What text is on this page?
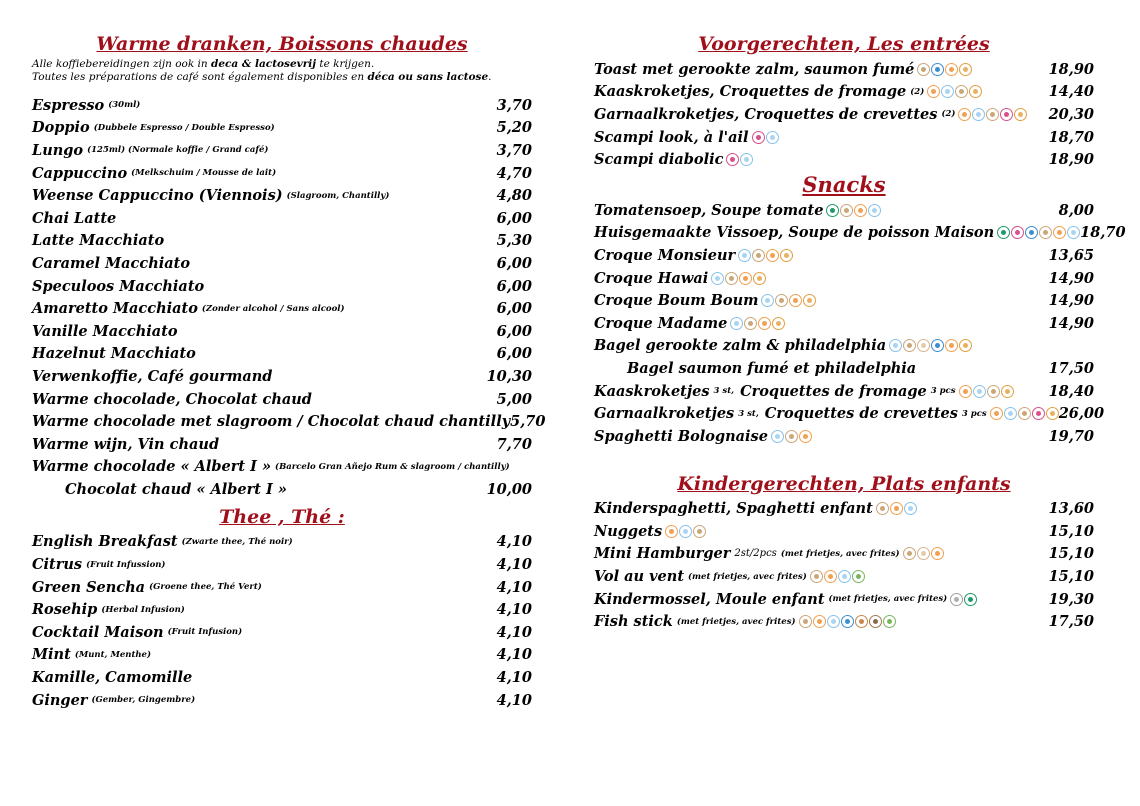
Warme dranken, Boissons chaudes
Alle koffiebereidingen zijn ook in deca & lactosevrij te krijgen.
Toutes les préparations de café sont également disponibles en déca ou sans lactose.
Espresso (30ml)	3,70
Doppio (Dubbele Espresso / Double Espresso)	5,20
Lungo (125ml) (Normale koffie / Grand café)	3,70
Cappuccino (Melkschuim / Mousse de lait)	4,70
Weense Cappuccino (Viennois) (Slagroom, Chantilly)	4,80
Chai Latte	6,00
Latte Macchiato	5,30
Caramel Macchiato	6,00
Speculoos Macchiato	6,00
Amaretto Macchiato (Zonder alcohol / Sans alcool)	6,00
Vanille Macchiato	6,00
Hazelnut Macchiato	6,00
Verwenkoffie, Café gourmand	10,30
Warme chocolade, Chocolat chaud	5,00
Warme chocolade met slagroom / Chocolat chaud chantilly 5,70
Warme wijn, Vin chaud	7,70
Warme chocolade « Albert I » (Barcelo Gran Añejo Rum & slagroom / chantilly)
Chocolat chaud « Albert I »	10,00
Thee , Thé :
English Breakfast (Zwarte thee, Thé noir)	4,10
Citrus (Fruit Infussion)	4,10
Green Sencha (Groene thee, Thé Vert)	4,10
Rosehip (Herbal Infusion)	4,10
Cocktail Maison (Fruit Infusion)	4,10
Mint (Munt, Menthe)	4,10
Kamille, Camomille	4,10
Ginger (Gember, Gingembre)	4,10
Voorgerechten, Les entrées
Toast met gerookte zalm, saumon fumé	18,90
Kaaskroketjes, Croquettes de fromage (2)	14,40
Garnaalkroketjes, Croquettes de crevettes (2)	20,30
Scampi look, à l'ail	18,70
Scampi diabolic	18,90
Snacks
Tomatensoep, Soupe tomate	8,00
Huisgemaakte Vissoep, Soupe de poisson Maison	18,70
Croque Monsieur	13,65
Croque Hawai	14,90
Croque Boum Boum	14,90
Croque Madame	14,90
Bagel gerookte zalm & philadelphia
Bagel saumon fumé et philadelphia	17,50
Kaaskroketjes 3 st, Croquettes de fromage 3 pcs	18,40
Garnaalkroketjes 3 st, Croquettes de crevettes 3 pcs	26,00
Spaghetti Bolognaise	19,70
Kindergerechten, Plats enfants
Kinderspaghetti, Spaghetti enfant	13,60
Nuggets	15,10
Mini Hamburger 2st/2pcs (met frietjes, avec frites)	15,10
Vol au vent (met frietjes, avec frites)	15,10
Kindermossel, Moule enfant (met frietjes, avec frites)	19,30
Fish stick (met frietjes, avec frites)	17,50
